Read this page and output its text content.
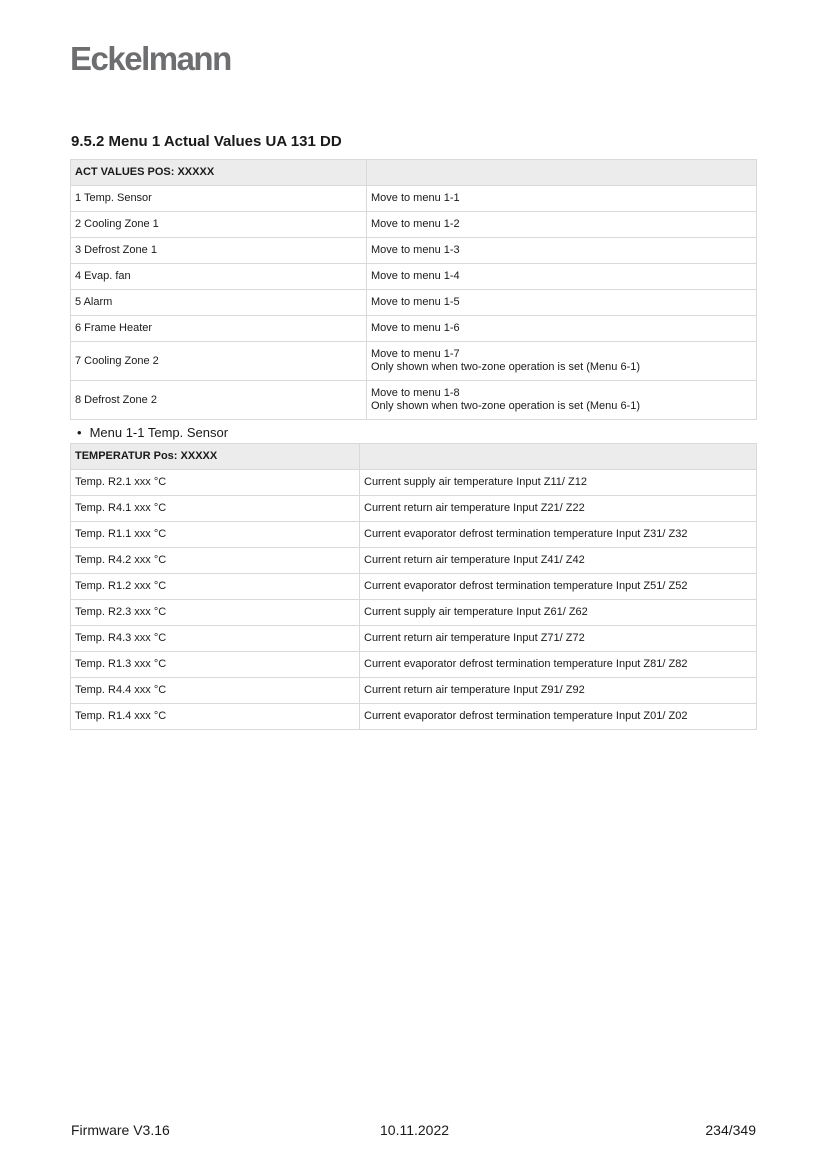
Eckelmann
9.5.2 Menu 1 Actual Values UA 131 DD
ACT VALUES POS: XXXXX	
1 Temp. Sensor	Move to menu 1-1
2 Cooling Zone 1	Move to menu 1-2
3 Defrost Zone 1	Move to menu 1-3
4 Evap. fan	Move to menu 1-4
5 Alarm	Move to menu 1-5
6 Frame Heater	Move to menu 1-6
7 Cooling Zone 2	Move to menu 1-7
Only shown when two-zone operation is set (Menu 6-1)

8 Defrost Zone 2	Move to menu 1-8
Only shown when two-zone operation is set (Menu 6-1)
• Menu 1-1 Temp. Sensor
TEMPERATUR Pos: XXXXX	
Temp. R2.1 xxx °C	Current supply air temperature Input Z11/ Z12
Temp. R4.1 xxx °C	Current return air temperature Input Z21/ Z22
Temp. R1.1 xxx °C	Current evaporator defrost termination temperature Input Z31/ Z32
Temp. R4.2 xxx °C	Current return air temperature Input Z41/ Z42
Temp. R1.2 xxx °C	Current evaporator defrost termination temperature Input Z51/ Z52
Temp. R2.3 xxx °C	Current supply air temperature Input Z61/ Z62
Temp. R4.3 xxx °C	Current return air temperature Input Z71/ Z72
Temp. R1.3 xxx °C	Current evaporator defrost termination temperature Input Z81/ Z82
Temp. R4.4 xxx °C	Current return air temperature Input Z91/ Z92
Temp. R1.4 xxx °C	Current evaporator defrost termination temperature Input Z01/ Z02
Firmware V3.16	10.11.2022	234/349
